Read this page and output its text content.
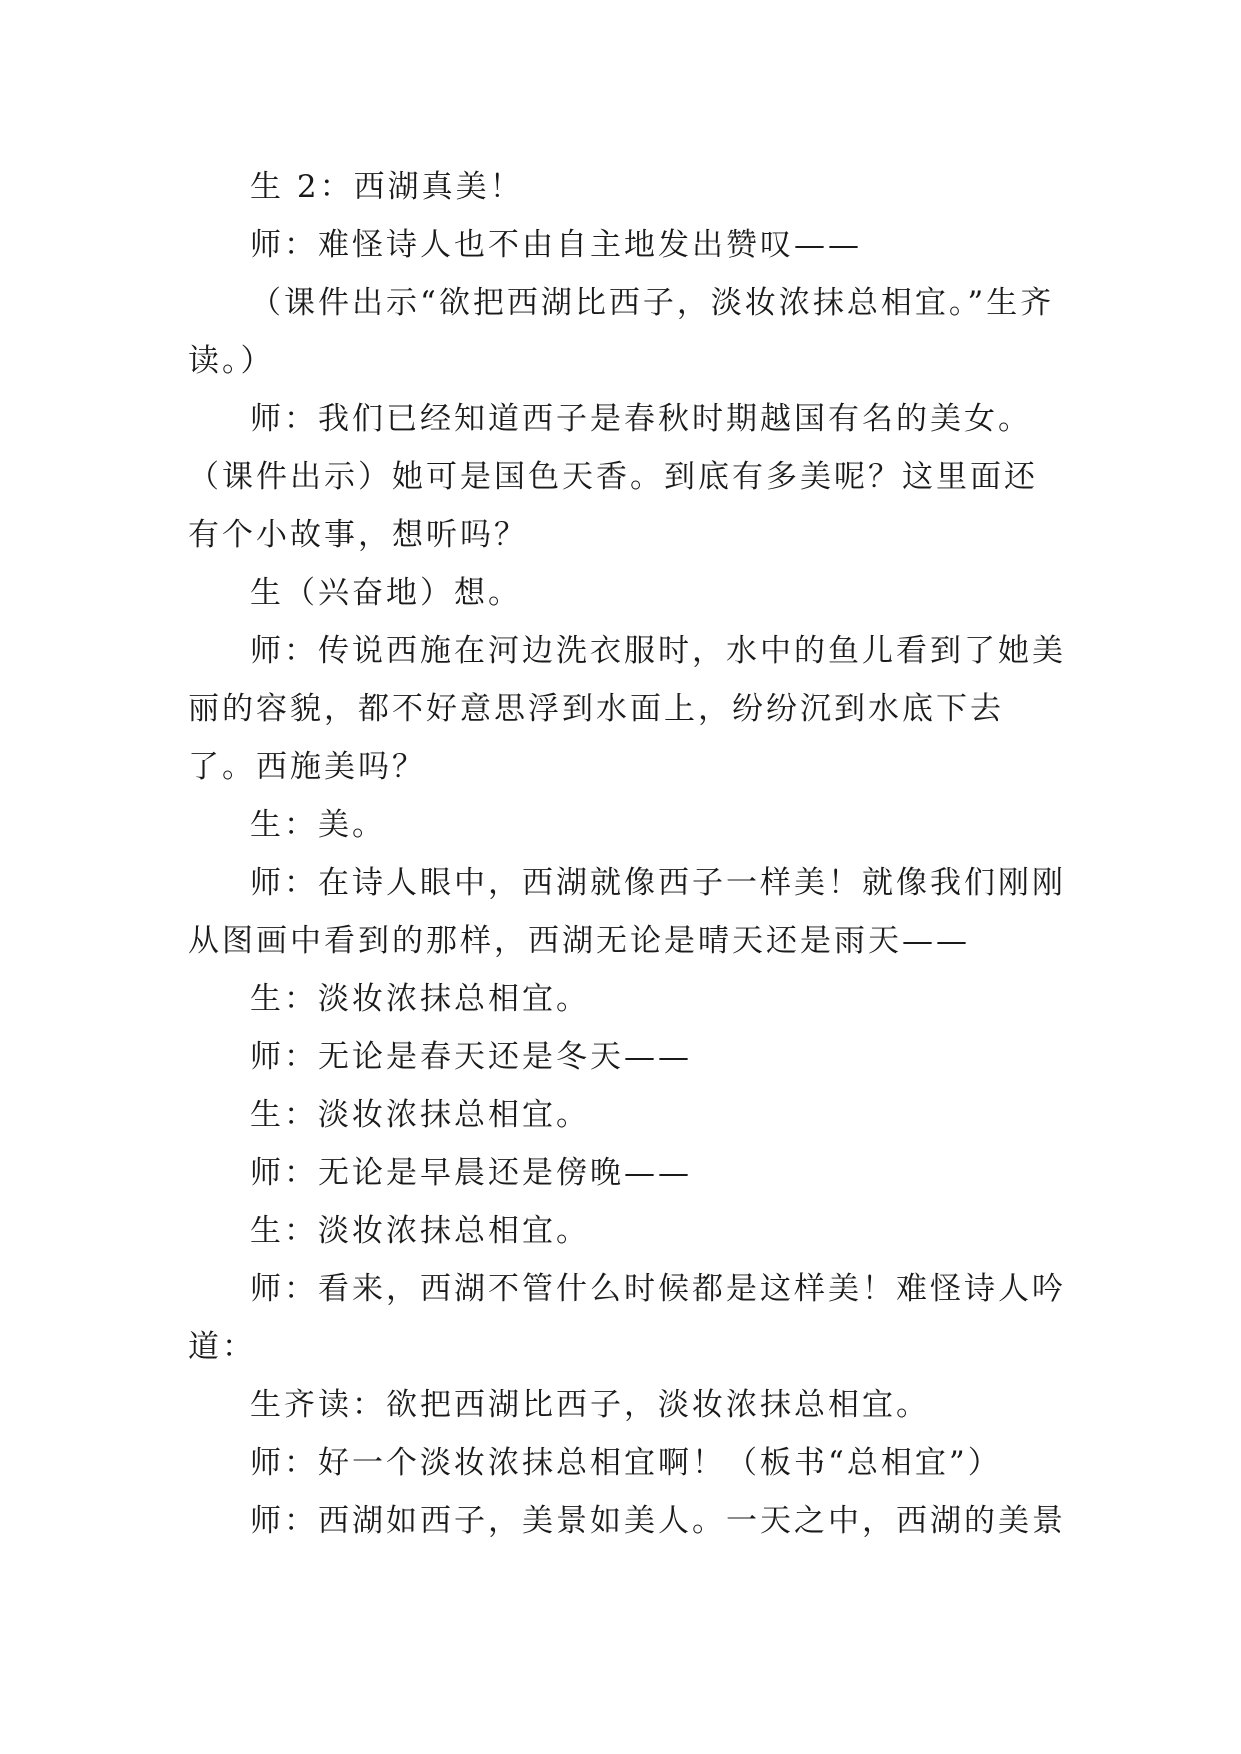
生 2：西湖真美！

师：难怪诗人也不由自主地发出赞叹——

（课件出示“欲把西湖比西子，淡妆浓抹总相宜。”生齐读。）

师：我们已经知道西子是春秋时期越国有名的美女。（课件出示）她可是国色天香。到底有多美呢？这里面还有个小故事，想听吗？

生（兴奋地）想。

师：传说西施在河边洗衣服时，水中的鱼儿看到了她美丽的容貌，都不好意思浮到水面上，纷纷沉到水底下去了。西施美吗？

生：美。

师：在诗人眼中，西湖就像西子一样美！就像我们刚刚从图画中看到的那样，西湖无论是晴天还是雨天——

生：淡妆浓抹总相宜。

师：无论是春天还是冬天——

生：淡妆浓抹总相宜。

师：无论是早晨还是傍晚——

生：淡妆浓抹总相宜。

师：看来，西湖不管什么时候都是这样美！难怪诗人吟道：

生齐读：欲把西湖比西子，淡妆浓抹总相宜。

师：好一个淡妆浓抹总相宜啊！（板书“总相宜”）

师：西湖如西子，美景如美人。一天之中，西湖的美景
